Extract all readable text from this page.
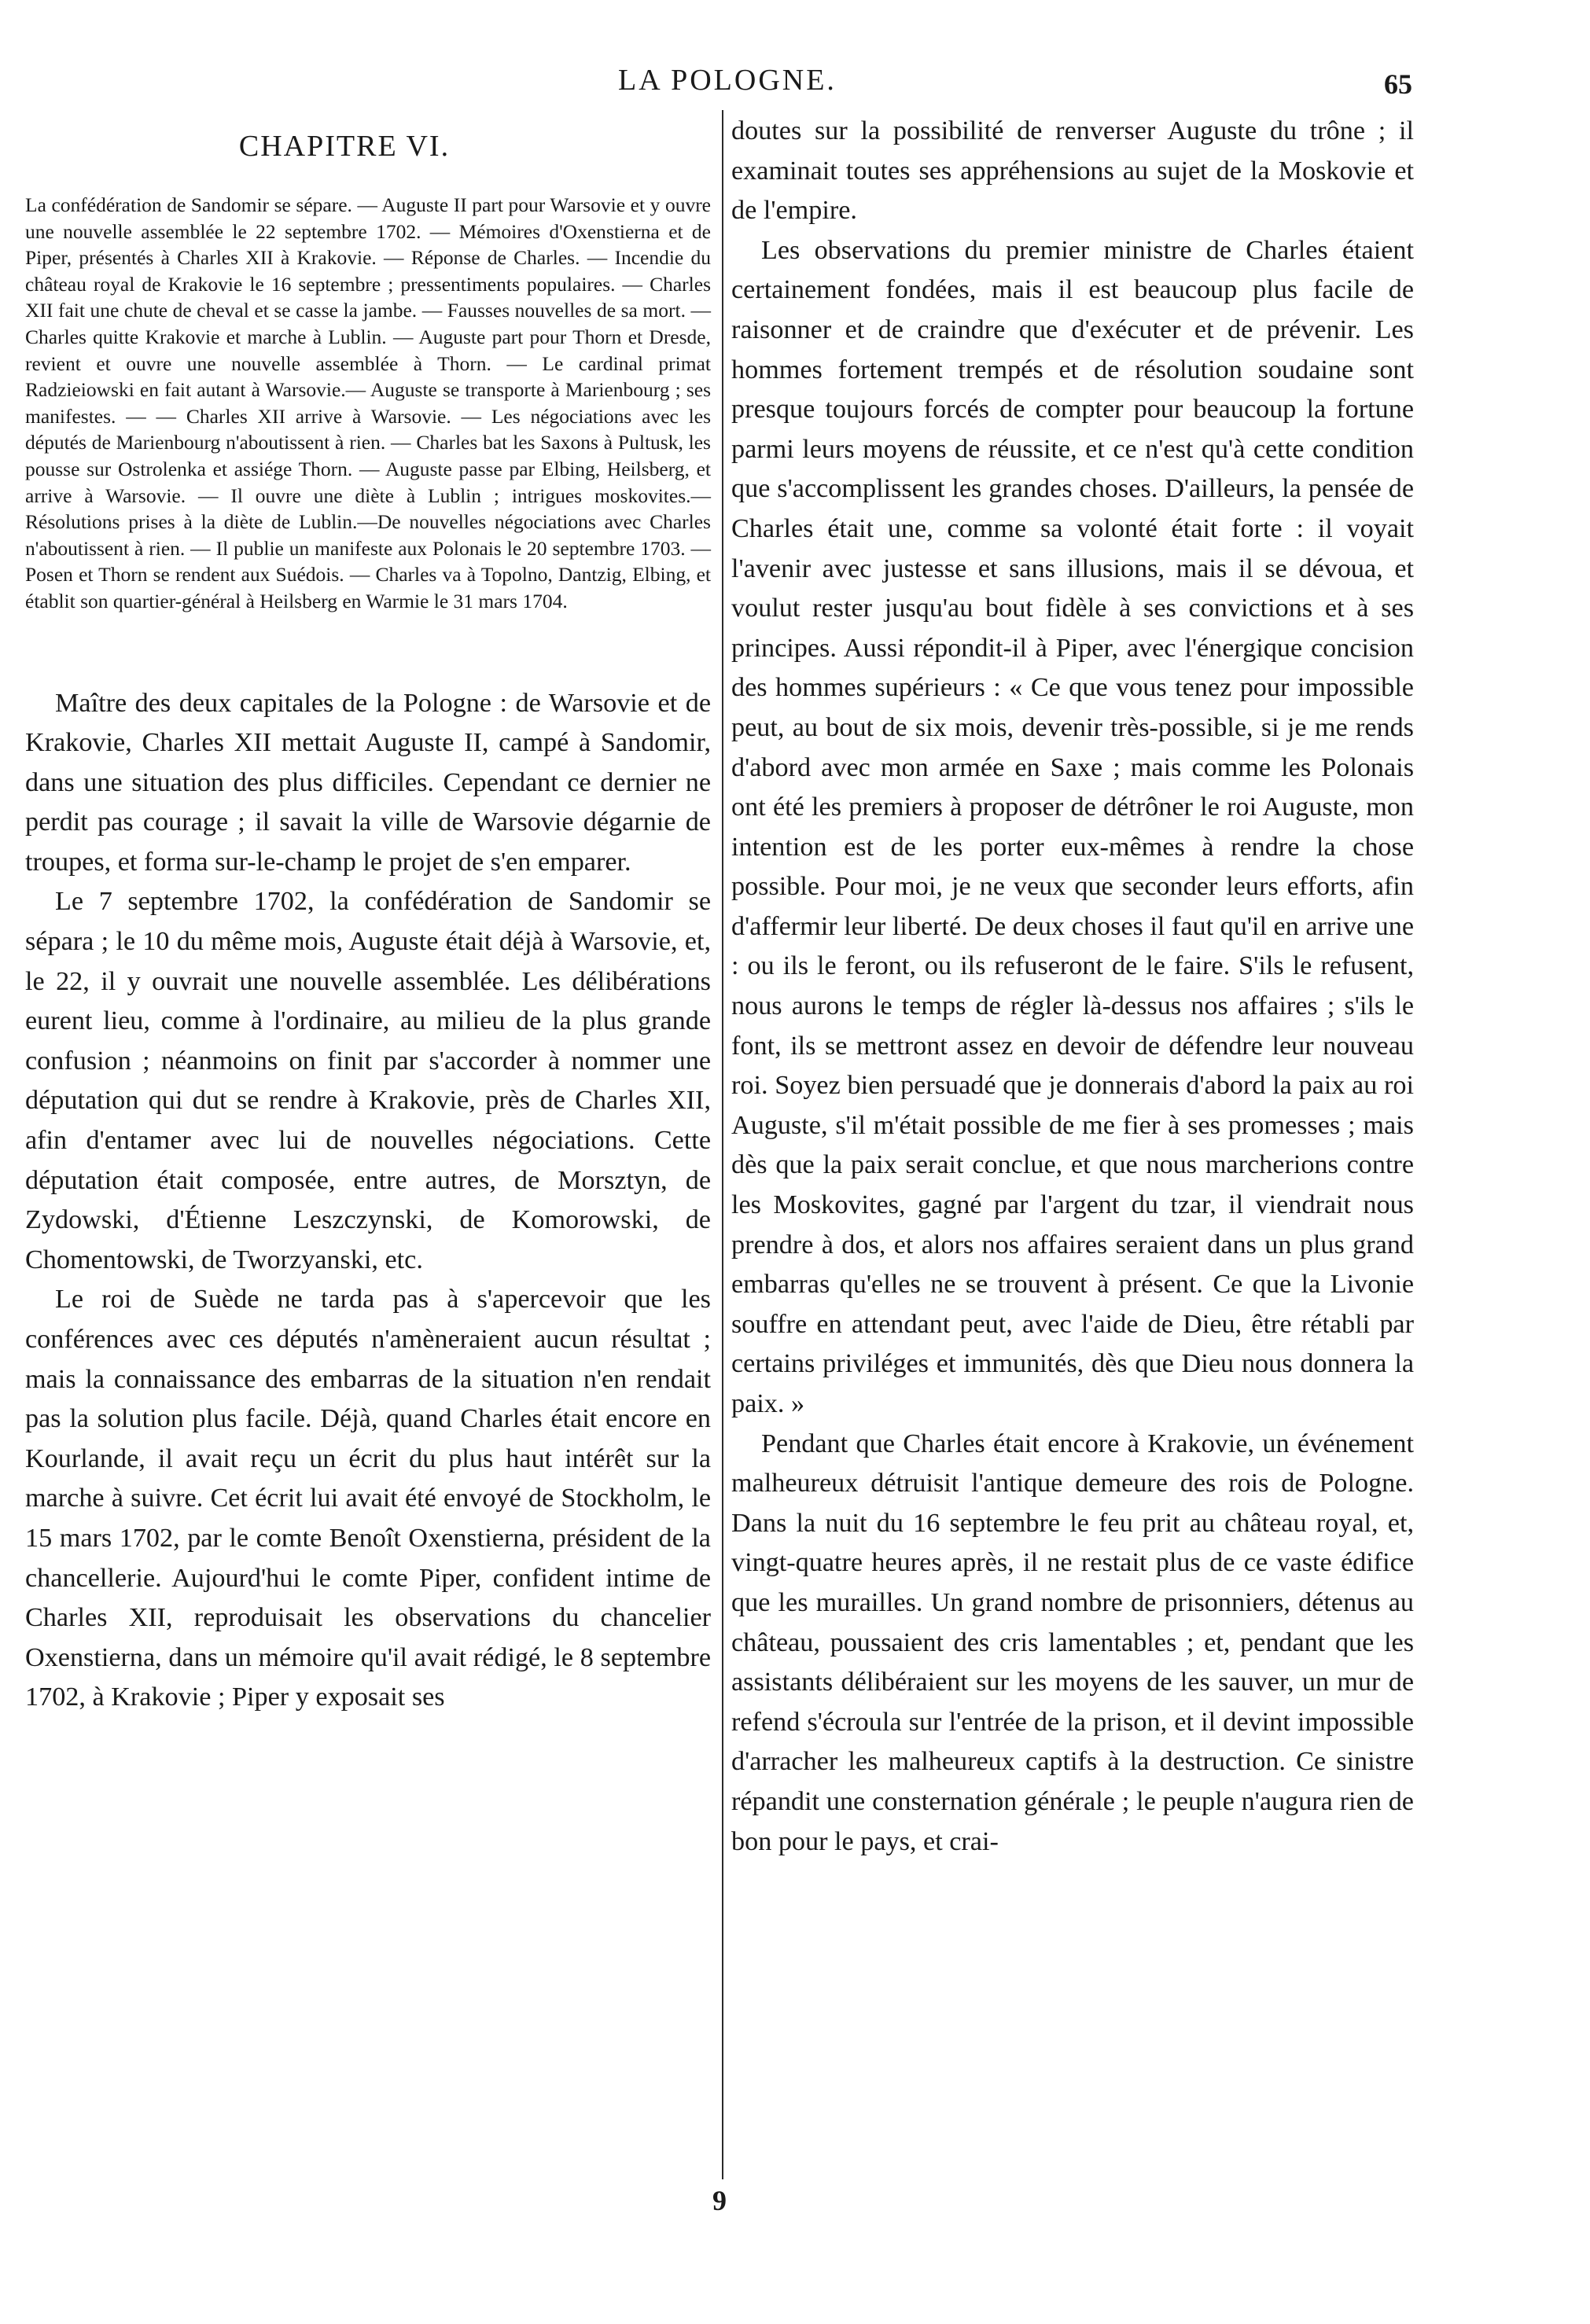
LA POLOGNE.	65
CHAPITRE VI.
La confédération de Sandomir se sépare. — Auguste II part pour Warsovie et y ouvre une nouvelle assemblée le 22 septembre 1702. — Mémoires d'Oxenstierna et de Piper, présentés à Charles XII à Krakovie. — Réponse de Charles. — Incendie du château royal de Krakovie le 16 septembre ; pressentiments populaires. — Charles XII fait une chute de cheval et se casse la jambe. — Fausses nouvelles de sa mort. — Charles quitte Krakovie et marche à Lublin. — Auguste part pour Thorn et Dresde, revient et ouvre une nouvelle assemblée à Thorn. — Le cardinal primat Radzieiowski en fait autant à Warsovie.— Auguste se transporte à Marienbourg ; ses manifestes. — — Charles XII arrive à Warsovie. — Les négociations avec les députés de Marienbourg n'aboutissent à rien. — Charles bat les Saxons à Pultusk, les pousse sur Ostrolenka et assiége Thorn. — Auguste passe par Elbing, Heilsberg, et arrive à Warsovie. — Il ouvre une diète à Lublin ; intrigues moskovites.—Résolutions prises à la diète de Lublin.—De nouvelles négociations avec Charles n'aboutissent à rien. — Il publie un manifeste aux Polonais le 20 septembre 1703. — Posen et Thorn se rendent aux Suédois. — Charles va à Topolno, Dantzig, Elbing, et établit son quartier-général à Heilsberg en Warmie le 31 mars 1704.

Maître des deux capitales de la Pologne : de Warsovie et de Krakovie, Charles XII mettait Auguste II, campé à Sandomir, dans une situation des plus difficiles. Cependant ce dernier ne perdit pas courage ; il savait la ville de Warsovie dégarnie de troupes, et forma sur-le-champ le projet de s'en emparer.

Le 7 septembre 1702, la confédération de Sandomir se sépara ; le 10 du même mois, Auguste était déjà à Warsovie, et, le 22, il y ouvrait une nouvelle assemblée. Les délibérations eurent lieu, comme à l'ordinaire, au milieu de la plus grande confusion ; néanmoins on finit par s'accorder à nommer une députation qui dut se rendre à Krakovie, près de Charles XII, afin d'entamer avec lui de nouvelles négociations. Cette députation était composée, entre autres, de Morsztyn, de Zydowski, d'Étienne Leszczynski, de Komorowski, de Chomentowski, de Tworzyanski, etc.

Le roi de Suède ne tarda pas à s'apercevoir que les conférences avec ces députés n'amèneraient aucun résultat ; mais la connaissance des embarras de la situation n'en rendait pas la solution plus facile. Déjà, quand Charles était encore en Kourlande, il avait reçu un écrit du plus haut intérêt sur la marche à suivre. Cet écrit lui avait été envoyé de Stockholm, le 15 mars 1702, par le comte Benoît Oxenstierna, président de la chancellerie. Aujourd'hui le comte Piper, confident intime de Charles XII, reproduisait les observations du chancelier Oxenstierna, dans un mémoire qu'il avait rédigé, le 8 septembre 1702, à Krakovie ; Piper y exposait ses

doutes sur la possibilité de renverser Auguste du trône ; il examinait toutes ses appréhensions au sujet de la Moskovie et de l'empire.

Les observations du premier ministre de Charles étaient certainement fondées, mais il est beaucoup plus facile de raisonner et de craindre que d'exécuter et de prévenir. Les hommes fortement trempés et de résolution soudaine sont presque toujours forcés de compter pour beaucoup la fortune parmi leurs moyens de réussite, et ce n'est qu'à cette condition que s'accomplissent les grandes choses. D'ailleurs, la pensée de Charles était une, comme sa volonté était forte : il voyait l'avenir avec justesse et sans illusions, mais il se dévoua, et voulut rester jusqu'au bout fidèle à ses convictions et à ses principes. Aussi répondit-il à Piper, avec l'énergique concision des hommes supérieurs : « Ce que vous tenez pour impossible peut, au bout de six mois, devenir très-possible, si je me rends d'abord avec mon armée en Saxe ; mais comme les Polonais ont été les premiers à proposer de détrôner le roi Auguste, mon intention est de les porter eux-mêmes à rendre la chose possible. Pour moi, je ne veux que seconder leurs efforts, afin d'affermir leur liberté. De deux choses il faut qu'il en arrive une : ou ils le feront, ou ils refuseront de le faire. S'ils le refusent, nous aurons le temps de régler là-dessus nos affaires ; s'ils le font, ils se mettront assez en devoir de défendre leur nouveau roi. Soyez bien persuadé que je donnerais d'abord la paix au roi Auguste, s'il m'était possible de me fier à ses promesses ; mais dès que la paix serait conclue, et que nous marcherions contre les Moskovites, gagné par l'argent du tzar, il viendrait nous prendre à dos, et alors nos affaires seraient dans un plus grand embarras qu'elles ne se trouvent à présent. Ce que la Livonie souffre en attendant peut, avec l'aide de Dieu, être rétabli par certains priviléges et immunités, dès que Dieu nous donnera la paix. »

Pendant que Charles était encore à Krakovie, un événement malheureux détruisit l'antique demeure des rois de Pologne. Dans la nuit du 16 septembre le feu prit au château royal, et, vingt-quatre heures après, il ne restait plus de ce vaste édifice que les murailles. Un grand nombre de prisonniers, détenus au château, poussaient des cris lamentables ; et, pendant que les assistants délibéraient sur les moyens de les sauver, un mur de refend s'écroula sur l'entrée de la prison, et il devint impossible d'arracher les malheureux captifs à la destruction. Ce sinistre répandit une consternation générale ; le peuple n'augura rien de bon pour le pays, et crai-

9
